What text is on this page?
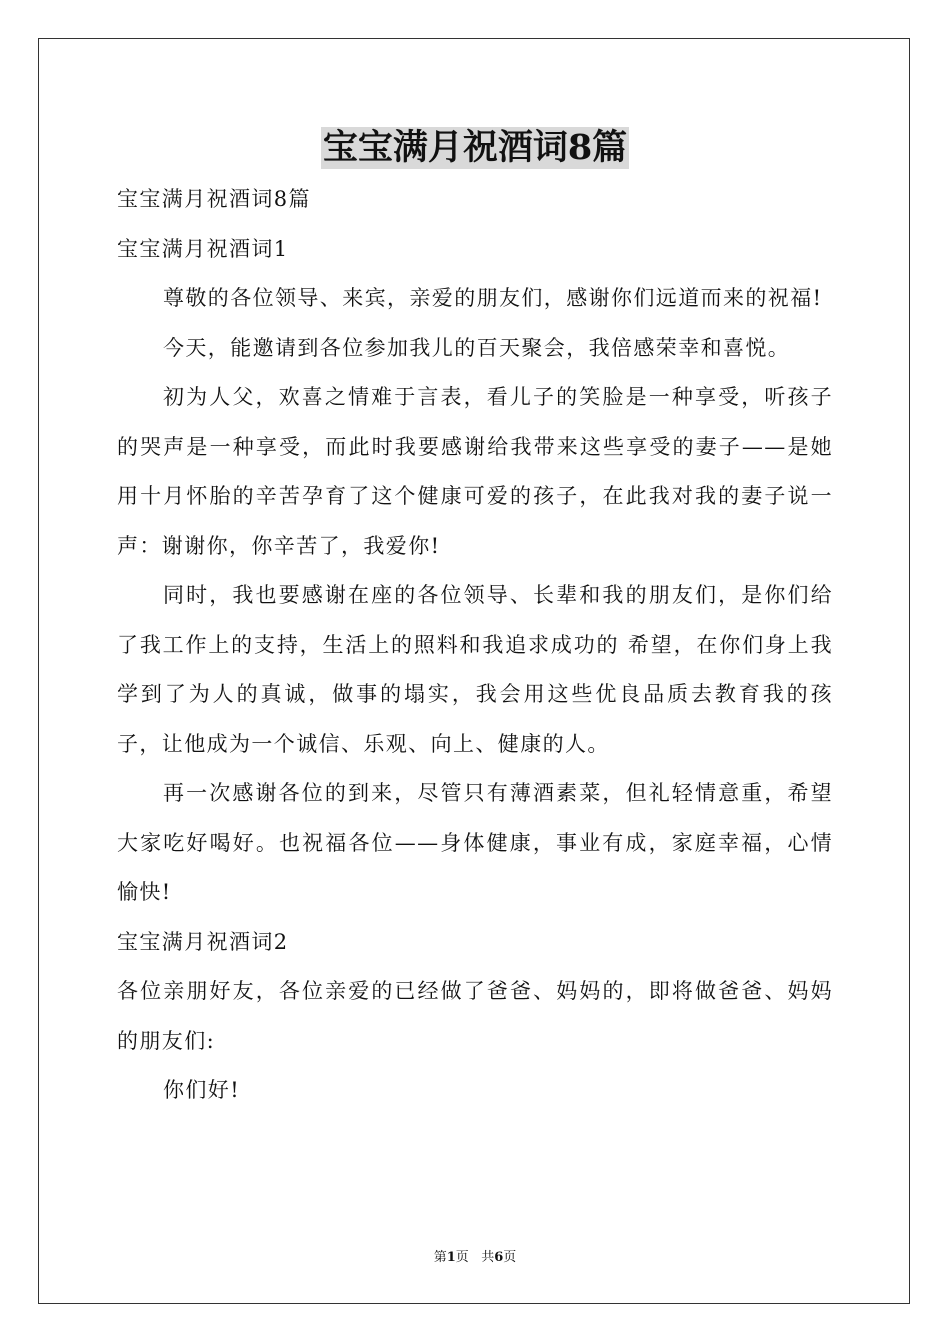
宝宝满月祝酒词8篇

宝宝满月祝酒词8篇

宝宝满月祝酒词1

尊敬的各位领导、来宾，亲爱的朋友们，感谢你们远道而来的祝福!

今天，能邀请到各位参加我儿的百天聚会，我倍感荣幸和喜悦。

初为人父，欢喜之情难于言表，看儿子的笑脸是一种享受，听孩子的哭声是一种享受，而此时我要感谢给我带来这些享受的妻子——是她用十月怀胎的辛苦孕育了这个健康可爱的孩子，在此我对我的妻子说一声：谢谢你，你辛苦了，我爱你!

同时，我也要感谢在座的各位领导、长辈和我的朋友们，是你们给了我工作上的支持，生活上的照料和我追求成功的 希望，在你们身上我学到了为人的真诚，做事的塌实，我会用这些优良品质去教育我的孩子，让他成为一个诚信、乐观、向上、健康的人。

再一次感谢各位的到来，尽管只有薄酒素菜，但礼轻情意重，希望大家吃好喝好。也祝福各位——身体健康，事业有成，家庭幸福，心情愉快!

宝宝满月祝酒词2

各位亲朋好友，各位亲爱的已经做了爸爸、妈妈的，即将做爸爸、妈妈的朋友们:

你们好!

第1页 共6页
